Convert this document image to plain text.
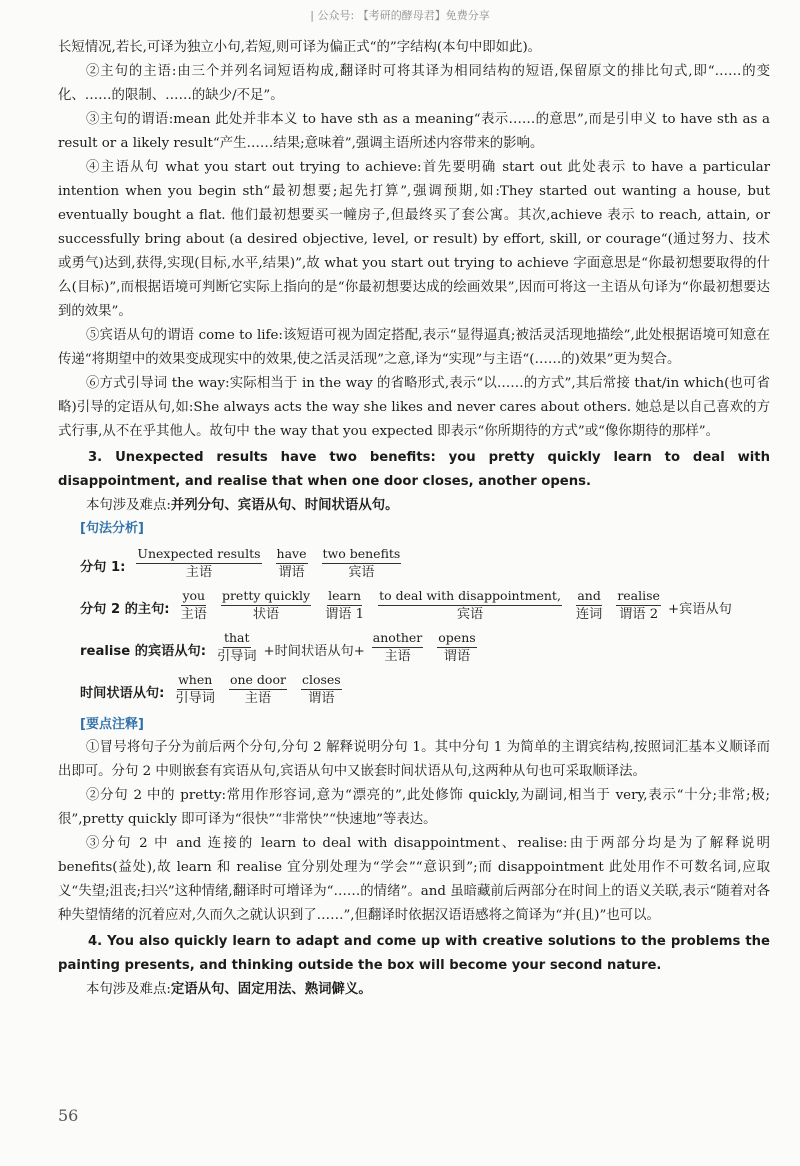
| 公众号: 【考研的酵母君】免费分享

长短情况,若长,可译为独立小句,若短,则可译为偏正式“的”字结构(本句中即如此)。

②主句的主语:由三个并列名词短语构成,翻译时可将其译为相同结构的短语,保留原文的排比句式,即“……的变化、……的限制、……的缺少/不足”。

③主句的谓语:mean 此处并非本义 to have sth as a meaning“表示……的意思”,而是引申义 to have sth as a result or a likely result“产生……结果;意味着”,强调主语所述内容带来的影响。

④主语从句 what you start out trying to achieve:首先要明确 start out 此处表示 to have a particular intention when you begin sth“最初想要;起先打算”,强调预期,如:They started out wanting a house, but eventually bought a flat. 他们最初想要买一幢房子,但最终买了套公寓。其次,achieve 表示 to reach, attain, or successfully bring about (a desired objective, level, or result) by effort, skill, or courage“(通过努力、技术或勇气)达到,获得,实现(目标,水平,结果)”,故 what you start out trying to achieve 字面意思是“你最初想要取得的什么(目标)”,而根据语境可判断它实际上指向的是“你最初想要达成的绘画效果”,因而可将这一主语从句译为“你最初想要达到的效果”。

⑤宾语从句的谓语 come to life:该短语可视为固定搭配,表示“显得逼真;被活灵活现地描绘”,此处根据语境可知意在传递“将期望中的效果变成现实中的效果,使之活灵活现”之意,译为“实现”与主语“(……的)效果”更为契合。

⑥方式引导词 the way:实际相当于 in the way 的省略形式,表示“以……的方式”,其后常接 that/in which(也可省略)引导的定语从句,如:She always acts the way she likes and never cares about others. 她总是以自己喜欢的方式行事,从不在乎其他人。故句中 the way that you expected 即表示“你所期待的方式”或“像你期待的那样”。

3. Unexpected results have two benefits: you pretty quickly learn to deal with disappointment, and realise that when one door closes, another opens.

本句涉及难点:并列分句、宾语从句、时间状语从句。

[句法分析]
分句 1:
Unexpected results
主语
have
谓语
two benefits
宾语
分句 2 的主句:
you
主语
pretty quickly
状语
learn
谓语 1
to deal with disappointment,
宾语
and
连词
realise
谓语 2 +宾语从句
realise 的宾语从句:
that
引导词 +时间状语从句+
another
主语
opens
谓语
时间状语从句:
when
引导词
one door
主语
closes
谓语
[要点注释]

①冒号将句子分为前后两个分句,分句 2 解释说明分句 1。其中分句 1 为简单的主谓宾结构,按照词汇基本义顺译而出即可。分句 2 中则嵌套有宾语从句,宾语从句中又嵌套时间状语从句,这两种从句也可采取顺译法。

②分句 2 中的 pretty:常用作形容词,意为“漂亮的”,此处修饰 quickly,为副词,相当于 very,表示“十分;非常;极;很”,pretty quickly 即可译为“很快”“非常快”“快速地”等表达。

③分句 2 中 and 连接的 learn to deal with disappointment、realise:由于两部分均是为了解释说明 benefits(益处),故 learn 和 realise 宜分别处理为“学会”“意识到”;而 disappointment 此处用作不可数名词,应取义“失望;沮丧;扫兴”这种情绪,翻译时可增译为“……的情绪”。and 虽暗藏前后两部分在时间上的语义关联,表示“随着对各种失望情绪的沉着应对,久而久之就认识到了……”,但翻译时依据汉语语感将之简译为“并(且)”也可以。

4. You also quickly learn to adapt and come up with creative solutions to the problems the painting presents, and thinking outside the box will become your second nature.

本句涉及难点:定语从句、固定用法、熟词僻义。

56
